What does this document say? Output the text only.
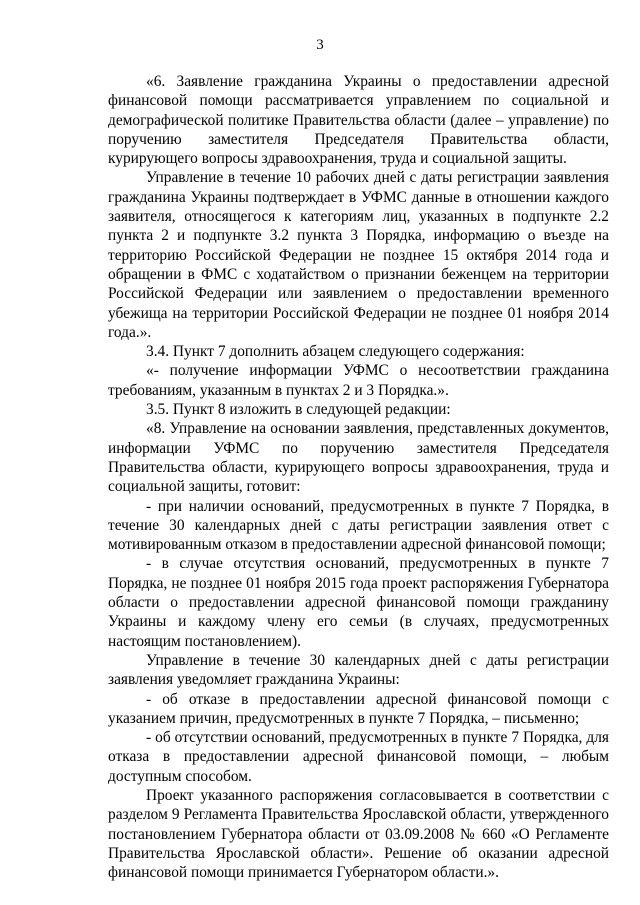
3

«6. Заявление гражданина Украины о предоставлении адресной финансовой помощи рассматривается управлением по социальной и демографической политике Правительства области (далее – управление) по поручению заместителя Председателя Правительства области, курирующего вопросы здравоохранения, труда и социальной защиты.

Управление в течение 10 рабочих дней с даты регистрации заявления гражданина Украины подтверждает в УФМС данные в отношении каждого заявителя, относящегося к категориям лиц, указанных в подпункте 2.2 пункта 2 и подпункте 3.2 пункта 3 Порядка, информацию о въезде на территорию Российской Федерации не позднее 15 октября 2014 года и обращении в ФМС с ходатайством о признании беженцем на территории Российской Федерации или заявлением о предоставлении временного убежища на территории Российской Федерации не позднее 01 ноября 2014 года.».

3.4. Пункт 7 дополнить абзацем следующего содержания:

«- получение информации УФМС о несоответствии гражданина требованиям, указанным в пунктах 2 и 3 Порядка.».

3.5. Пункт 8 изложить в следующей редакции:

«8. Управление на основании заявления, представленных документов, информации УФМС по поручению заместителя Председателя Правительства области, курирующего вопросы здравоохранения, труда и социальной защиты, готовит:

- при наличии оснований, предусмотренных в пункте 7 Порядка, в течение 30 календарных дней с даты регистрации заявления ответ с мотивированным отказом в предоставлении адресной финансовой помощи;

- в случае отсутствия оснований, предусмотренных в пункте 7 Порядка, не позднее 01 ноября 2015 года проект распоряжения Губернатора области о предоставлении адресной финансовой помощи гражданину Украины и каждому члену его семьи (в случаях, предусмотренных настоящим постановлением).

Управление в течение 30 календарных дней с даты регистрации заявления уведомляет гражданина Украины:

- об отказе в предоставлении адресной финансовой помощи с указанием причин, предусмотренных в пункте 7 Порядка, – письменно;

- об отсутствии оснований, предусмотренных в пункте 7 Порядка, для отказа в предоставлении адресной финансовой помощи, – любым доступным способом.

Проект указанного распоряжения согласовывается в соответствии с разделом 9 Регламента Правительства Ярославской области, утвержденного постановлением Губернатора области от 03.09.2008 № 660 «О Регламенте Правительства Ярославской области». Решение об оказании адресной финансовой помощи принимается Губернатором области.».
